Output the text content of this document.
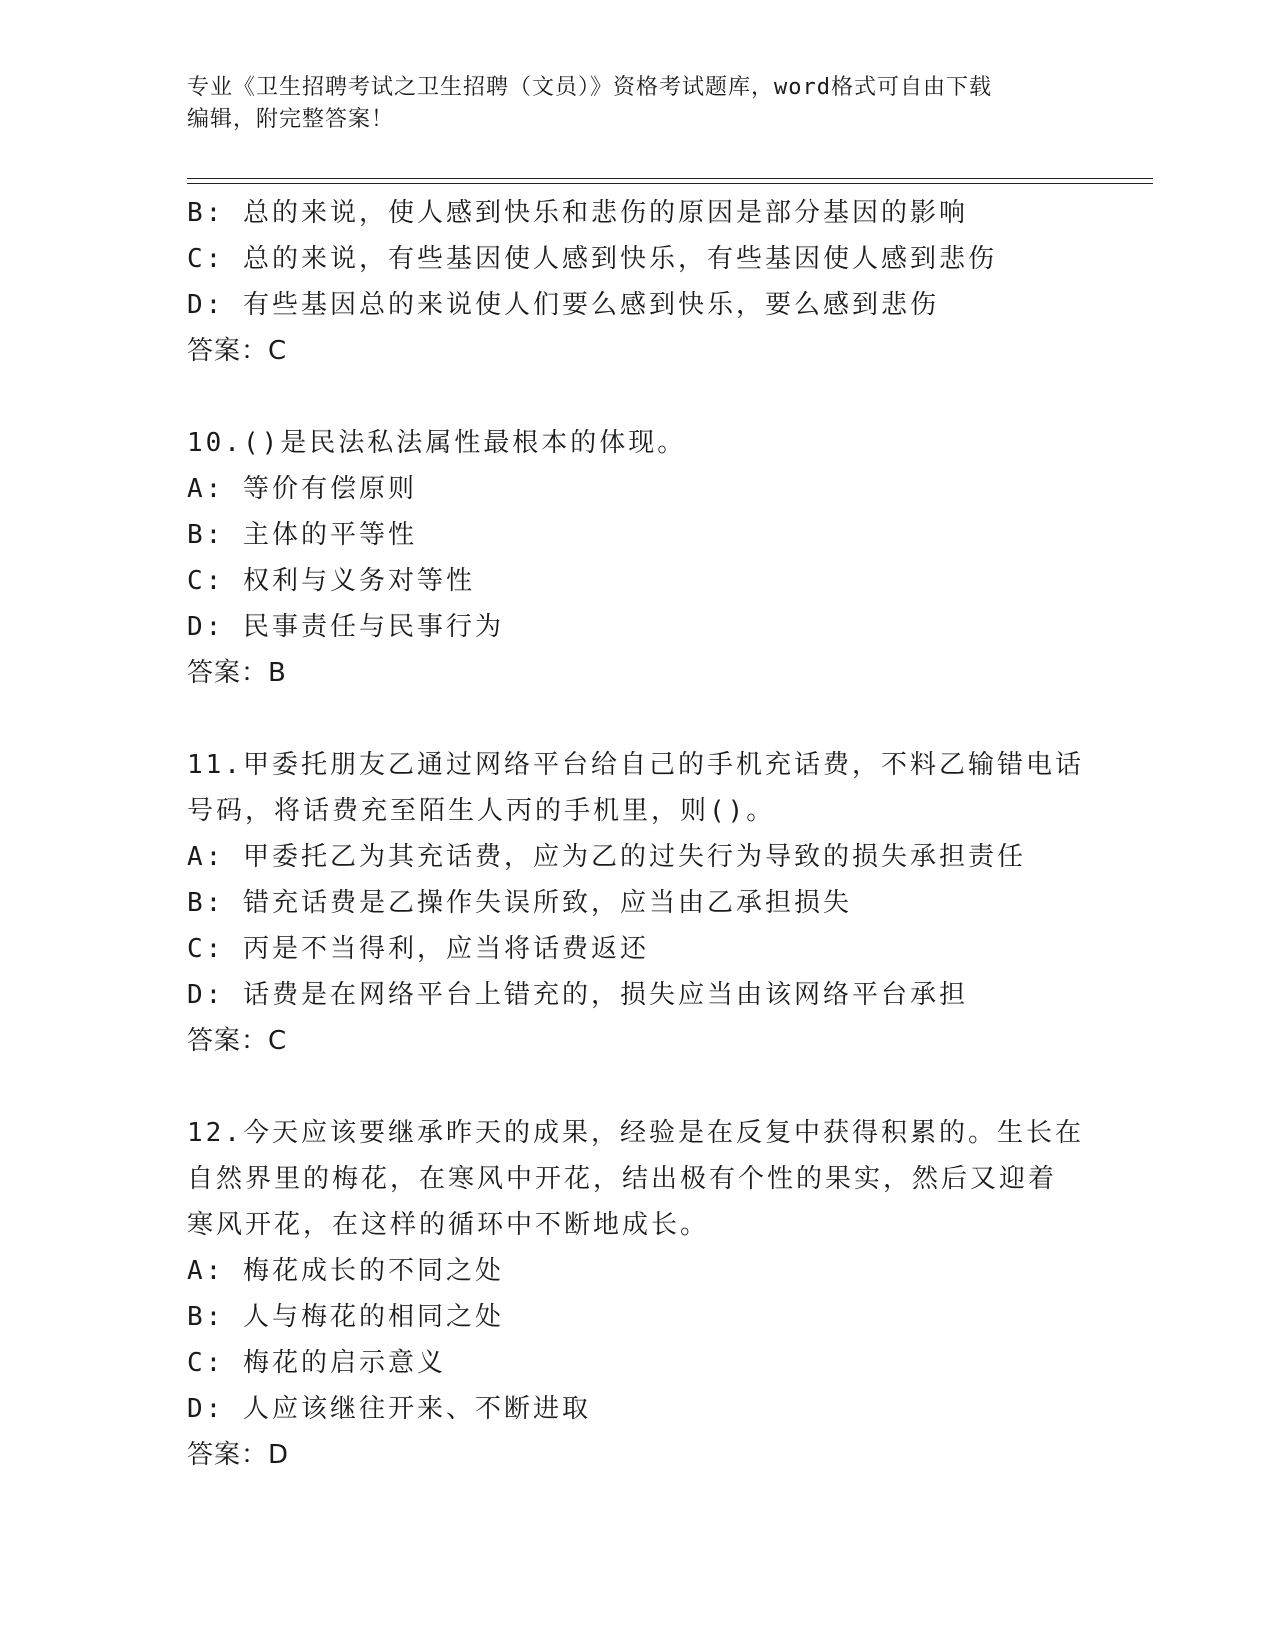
专业《卫生招聘考试之卫生招聘（文员）》资格考试题库，word格式可自由下载
编辑，附完整答案！
B: 总的来说，使人感到快乐和悲伤的原因是部分基因的影响
C: 总的来说，有些基因使人感到快乐，有些基因使人感到悲伤
D: 有些基因总的来说使人们要么感到快乐，要么感到悲伤
答案：C
10.()是民法私法属性最根本的体现。
A: 等价有偿原则
B: 主体的平等性
C: 权利与义务对等性
D: 民事责任与民事行为
答案：B
11.甲委托朋友乙通过网络平台给自己的手机充话费，不料乙输错电话
号码，将话费充至陌生人丙的手机里，则()。
A: 甲委托乙为其充话费，应为乙的过失行为导致的损失承担责任
B: 错充话费是乙操作失误所致，应当由乙承担损失
C: 丙是不当得利，应当将话费返还
D: 话费是在网络平台上错充的，损失应当由该网络平台承担
答案：C
12.今天应该要继承昨天的成果，经验是在反复中获得积累的。生长在
自然界里的梅花，在寒风中开花，结出极有个性的果实，然后又迎着
寒风开花，在这样的循环中不断地成长。
A: 梅花成长的不同之处
B: 人与梅花的相同之处
C: 梅花的启示意义
D: 人应该继往开来、不断进取
答案：D
